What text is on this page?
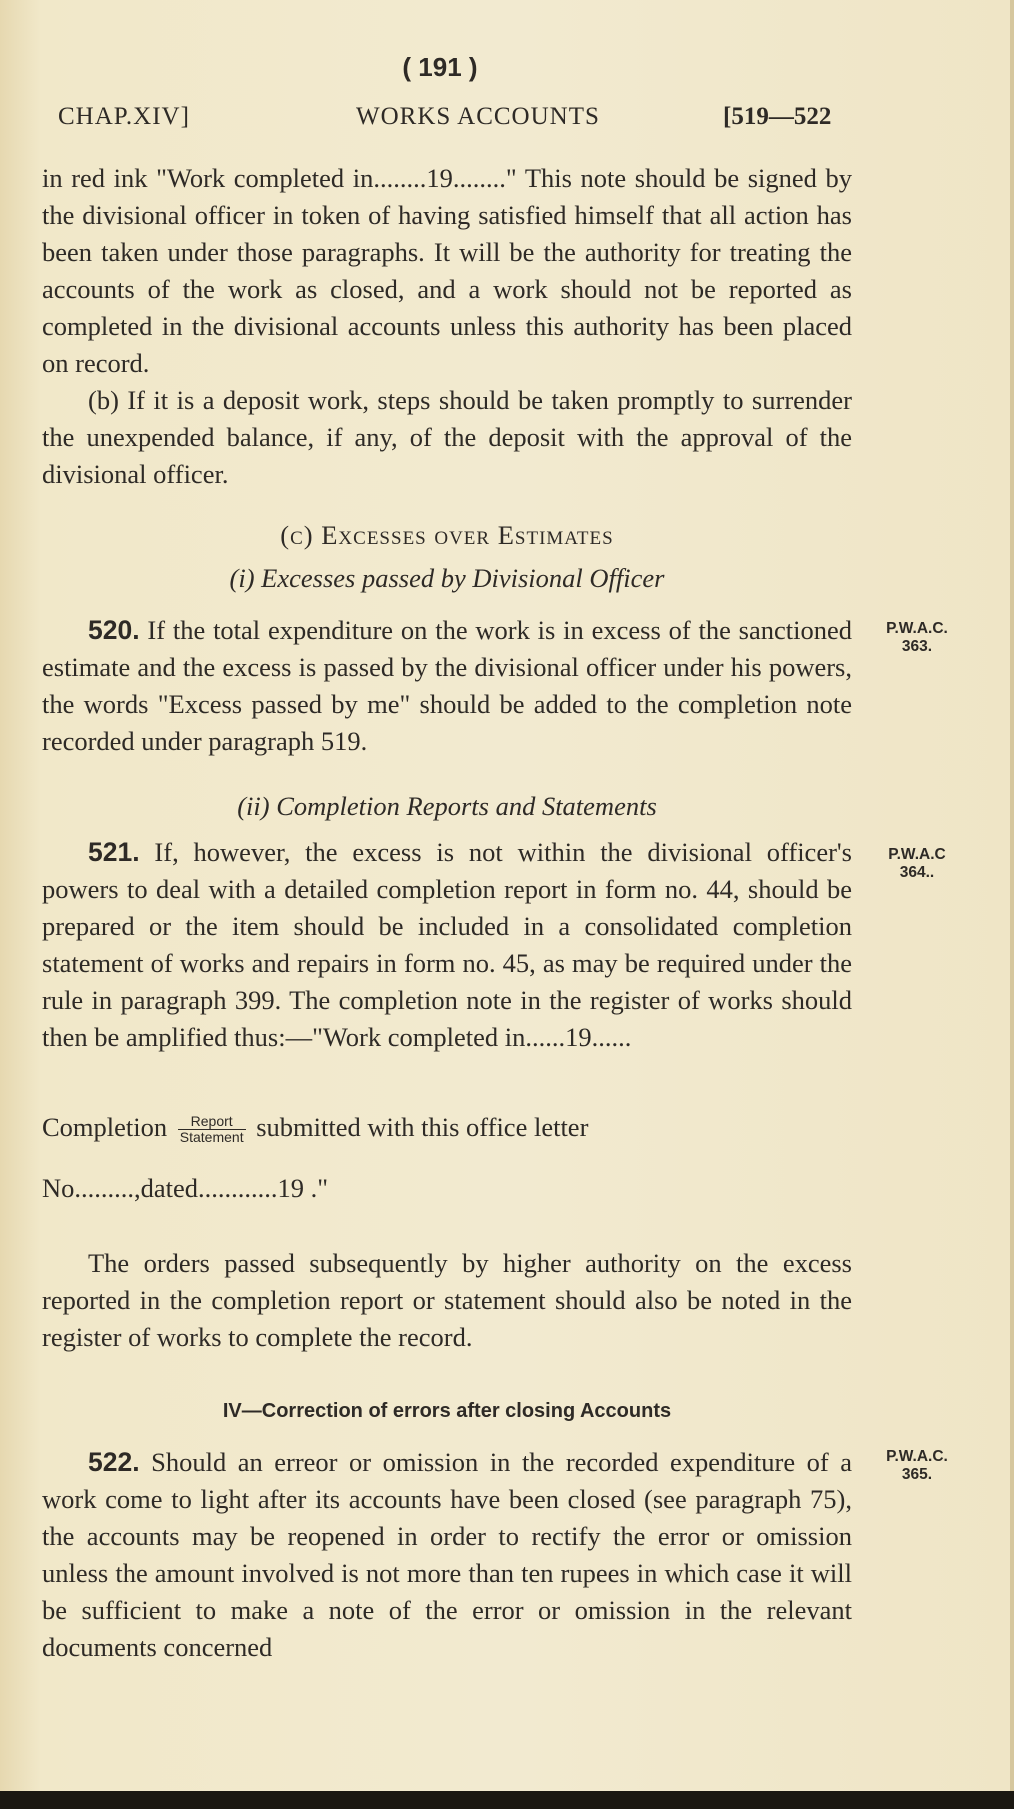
( 191 )
CHAP.XIV]	WORKS ACCOUNTS	[519—522

in red ink "Work completed in........19........" This note should be signed by the divisional officer in token of having satisfied himself that all action has been taken under those paragraphs. It will be the authority for treating the accounts of the work as closed, and a work should not be reported as completed in the divisional accounts unless this authority has been placed on record.

(b) If it is a deposit work, steps should be taken promptly to surrender the unexpended balance, if any, of the deposit with the approval of the divisional officer.

(c) Excesses over Estimates
(i) Excesses passed by Divisional Officer

520. If the total expenditure on the work is in excess of the sanctioned estimate and the excess is passed by the divisional officer under his powers, the words "Excess passed by me" should be added to the completion note recorded under paragraph 519.

P.W.A.C.
363.
(ii) Completion Reports and Statements

521. If, however, the excess is not within the divisional officer's powers to deal with a detailed completion report in form no. 44, should be prepared or the item should be included in a consolidated completion statement of works and repairs in form no. 45, as may be required under the rule in paragraph 399. The completion note in the register of works should then be amplified thus:—"Work completed in......19......

P.W.A.C
364..
Completion $\frac{\text{Report}}{\text{Statement}}$ submitted with this office letter
No.........,dated............19 ."

The orders passed subsequently by higher authority on the excess reported in the completion report or statement should also be noted in the register of works to complete the record.

IV—Correction of errors after closing Accounts

522. Should an erreor or omission in the recorded expenditure of a work come to light after its accounts have been closed (see paragraph 75), the accounts may be reopened in order to rectify the error or omission unless the amount involved is not more than ten rupees in which case it will be sufficient to make a note of the error or omission in the relevant documents concerned

P.W.A.C.
365.
